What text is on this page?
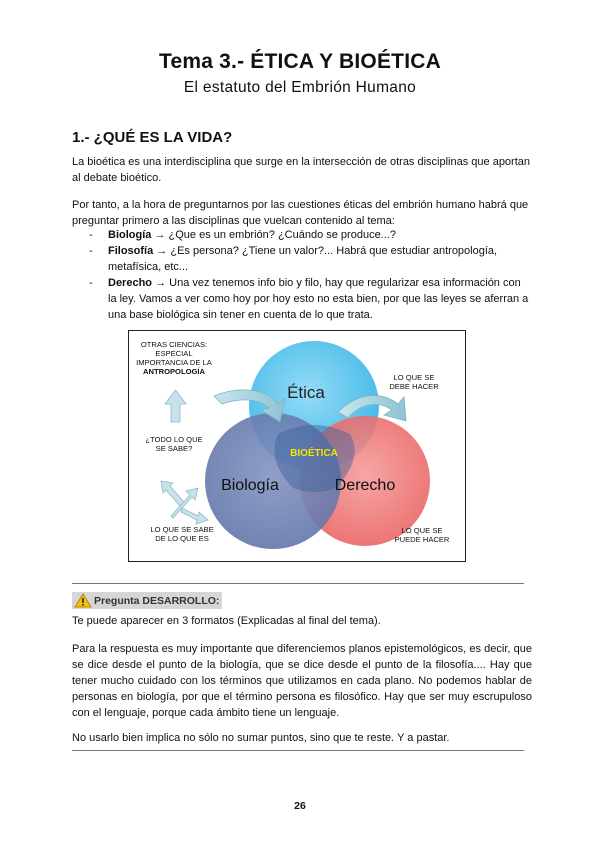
Tema 3.- ÉTICA Y BIOÉTICA
El estatuto del Embrión Humano
1.- ¿QUÉ ES LA VIDA?
La bioética es una interdisciplina que surge en la intersección de otras disciplinas que aportan al debate bioético.
Por tanto, a la hora de preguntarnos por las cuestiones éticas del embrión humano habrá que preguntar primero a las disciplinas que vuelcan contenido al tema:
- Biología → ¿Que es un embrión? ¿Cuándo se produce...?
- Filosofía → ¿Es persona? ¿Tiene un valor?... Habrá que estudiar antropología, metafísica, etc...
- Derecho → Una vez tenemos info bio y filo, hay que regularizar esa información con la ley. Vamos a ver como hoy por hoy esto no esta bien, por que las leyes se aferran a una base biológica sin tener en cuenta de lo que trata.
Ética
Biología	Derecho
BIOÉTICA
OTRAS CIENCIAS:
ESPECIAL
IMPORTANCIA DE LA
ANTROPOLOGÍA
¿TODO LO QUE
SE SABE?
LO QUE SE SABE
DE LO QUE ES
LO QUE SE
DEBE HACER
LO QUE SE
PUEDE HACER
Pregunta DESARROLLO:
Te puede aparecer en 3 formatos (Explicadas al final del tema).
Para la respuesta es muy importante que diferenciemos planos epistemológicos, es decir, que se dice desde el punto de la biología, que se dice desde el punto de la filosofía.... Hay que tener mucho cuidado con los términos que utilizamos en cada plano. No podemos hablar de personas en biología, por que el término persona es filosófico. Hay que ser muy escrupuloso con el lenguaje, porque cada ámbito tiene un lenguaje.
No usarlo bien implica no sólo no sumar puntos, sino que te reste. Y a pastar.
26
